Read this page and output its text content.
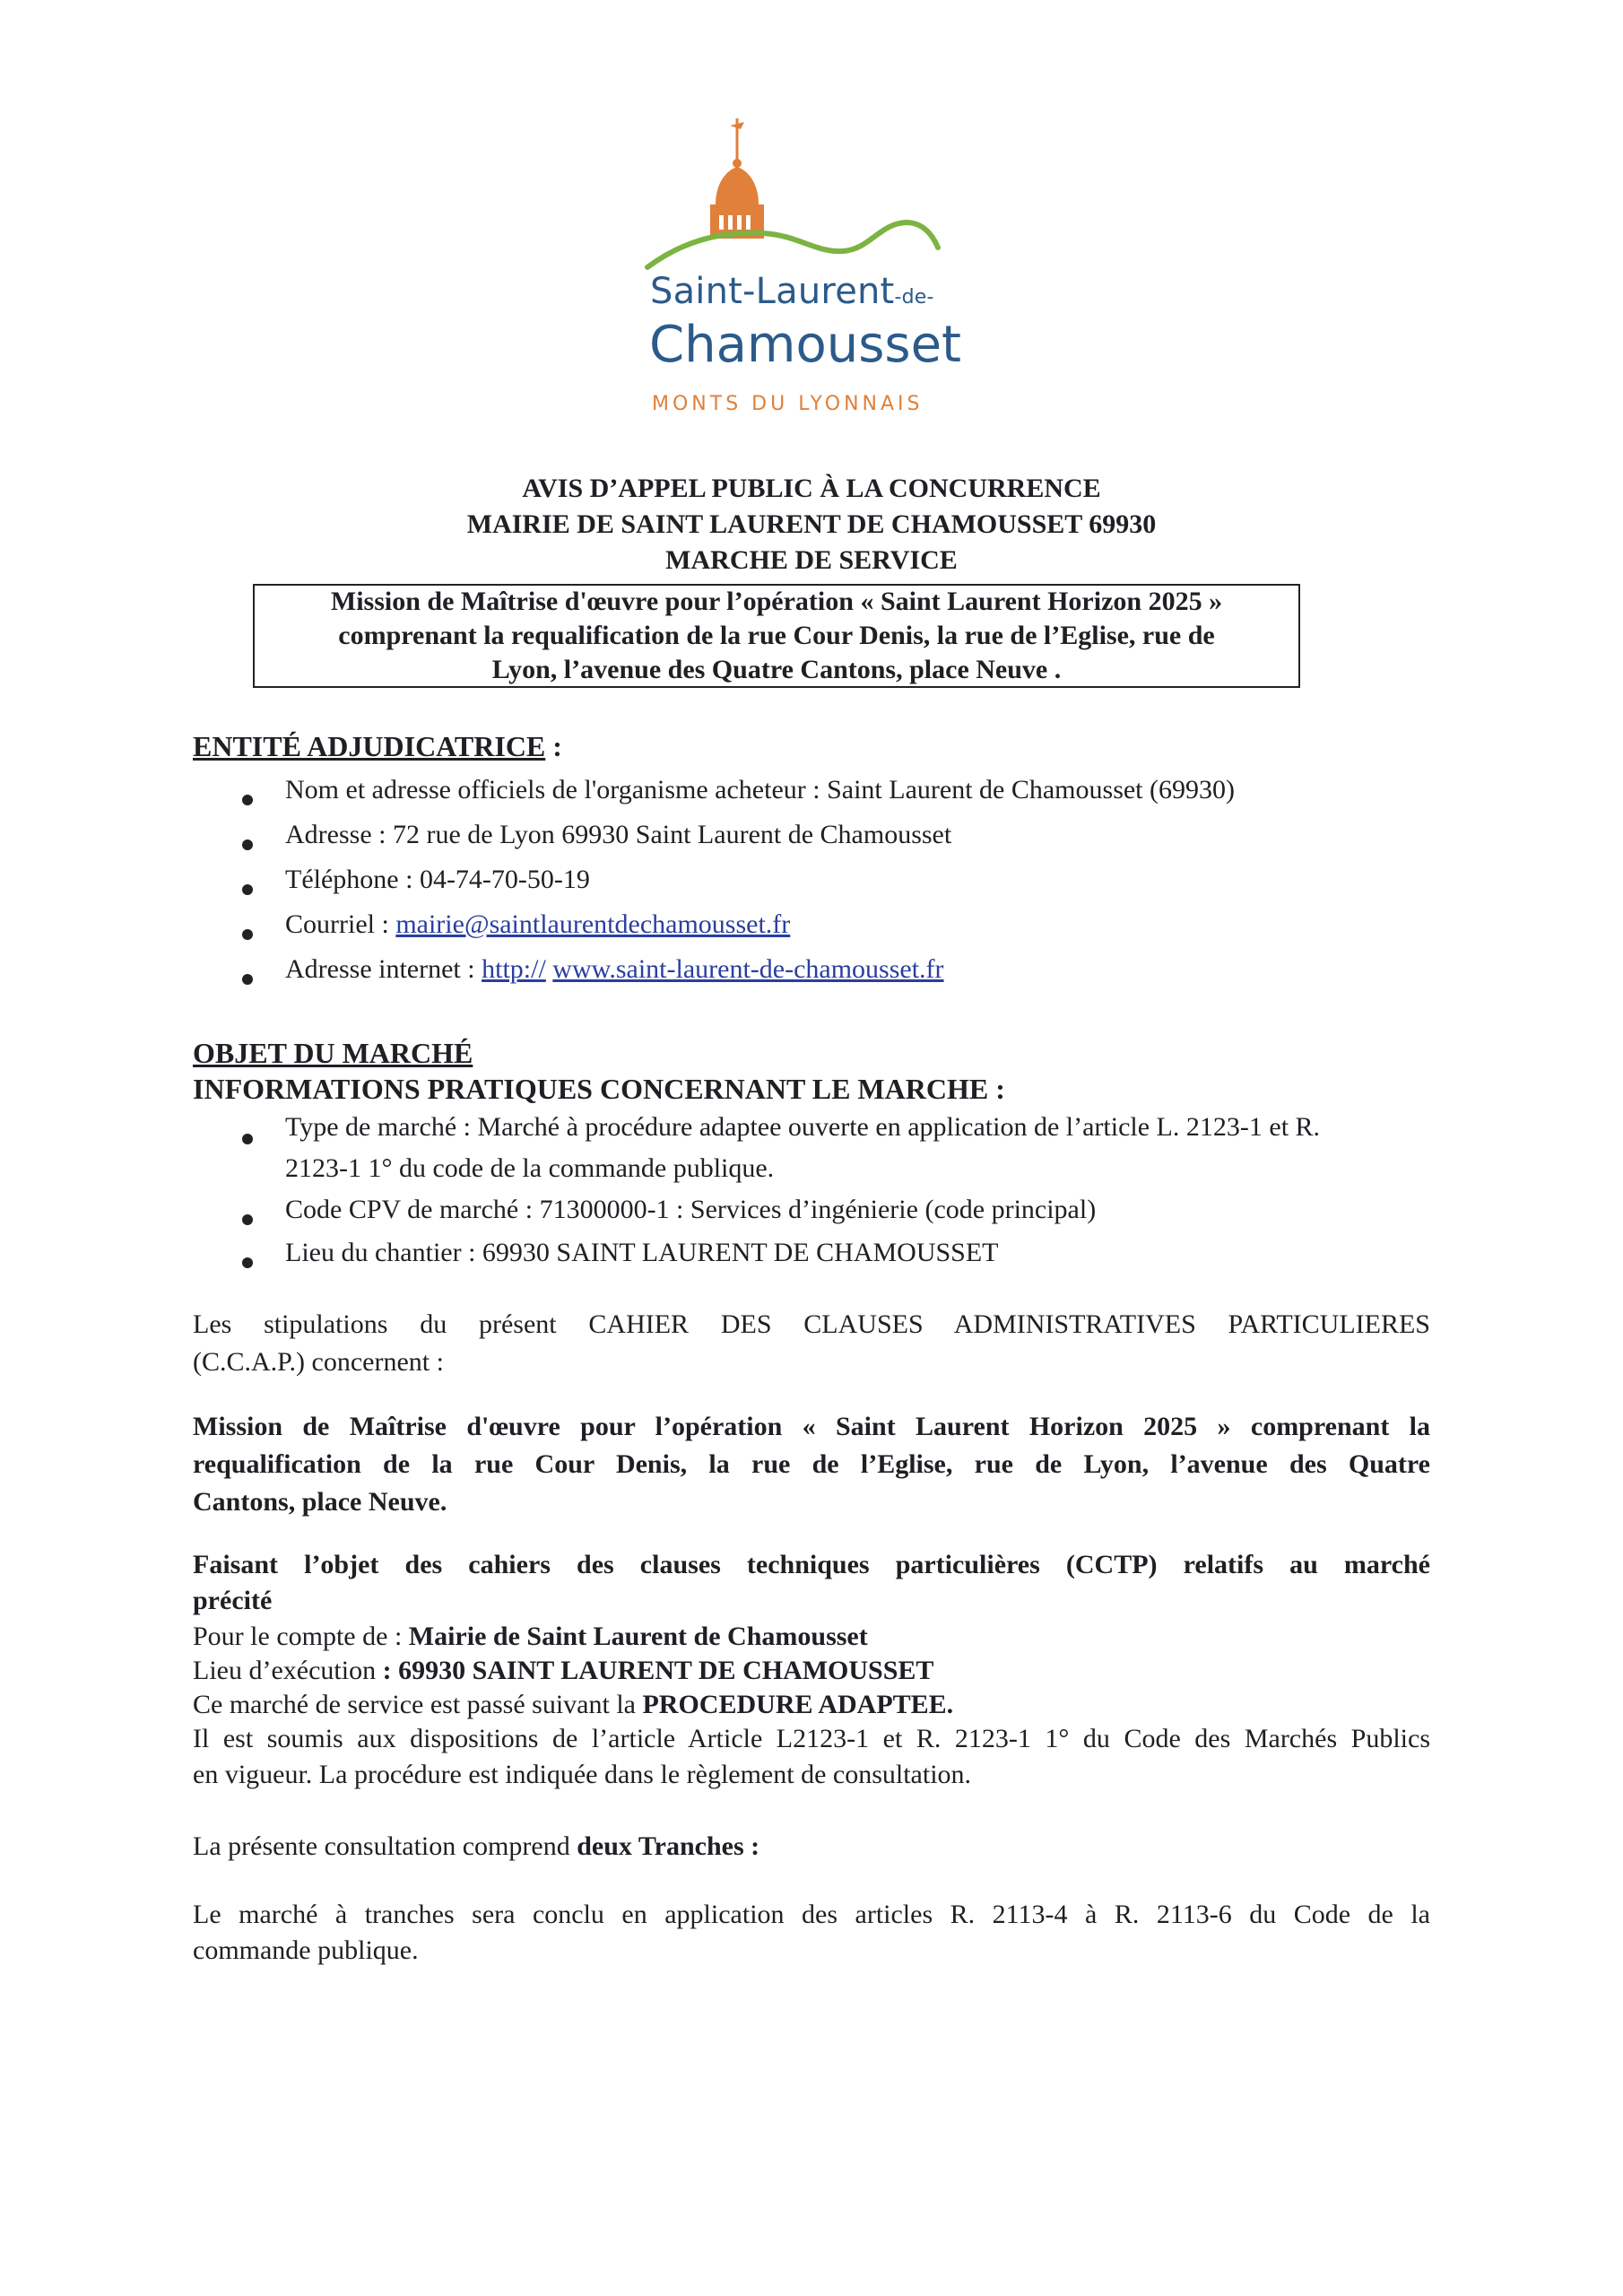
Saint-Laurent-de-
Chamousset
MONTS DU LYONNAIS
AVIS D’APPEL PUBLIC À LA CONCURRENCE
MAIRIE DE SAINT LAURENT DE CHAMOUSSET 69930
MARCHE DE SERVICE
Mission de Maîtrise d'œuvre pour l’opération « Saint Laurent Horizon 2025 »
comprenant la requalification de la rue Cour Denis, la rue de l’Eglise, rue de
Lyon, l’avenue des Quatre Cantons, place Neuve .
ENTITÉ ADJUDICATRICE :
Nom et adresse officiels de l'organisme acheteur : Saint Laurent de Chamousset (69930)
Adresse : 72 rue de Lyon 69930 Saint Laurent de Chamousset
Téléphone : 04-74-70-50-19
Courriel : mairie@saintlaurentdechamousset.fr
Adresse internet : http:// www.saint-laurent-de-chamousset.fr
OBJET DU MARCHÉ
INFORMATIONS PRATIQUES CONCERNANT LE MARCHE :
Type de marché : Marché à procédure adaptee ouverte en application de l’article L. 2123-1 et R.
2123-1 1° du code de la commande publique.
Code CPV de marché : 71300000-1 : Services d’ingénierie (code principal)
Lieu du chantier : 69930 SAINT LAURENT DE CHAMOUSSET
Les stipulations du présent CAHIER DES CLAUSES ADMINISTRATIVES PARTICULIERES
(C.C.A.P.) concernent :
Mission de Maîtrise d'œuvre pour l’opération « Saint Laurent Horizon 2025 » comprenant la
requalification de la rue Cour Denis, la rue de l’Eglise, rue de Lyon, l’avenue des Quatre
Cantons, place Neuve.
Faisant l’objet des cahiers des clauses techniques particulières (CCTP) relatifs au marché
précité
Pour le compte de : Mairie de Saint Laurent de Chamousset
Lieu d’exécution : 69930 SAINT LAURENT DE CHAMOUSSET
Ce marché de service est passé suivant la PROCEDURE ADAPTEE.
Il est soumis aux dispositions de l’article Article L2123-1 et R. 2123-1 1° du Code des Marchés Publics
en vigueur. La procédure est indiquée dans le règlement de consultation.
La présente consultation comprend deux Tranches :
Le marché à tranches sera conclu en application des articles R. 2113-4 à R. 2113-6 du Code de la
commande publique.
